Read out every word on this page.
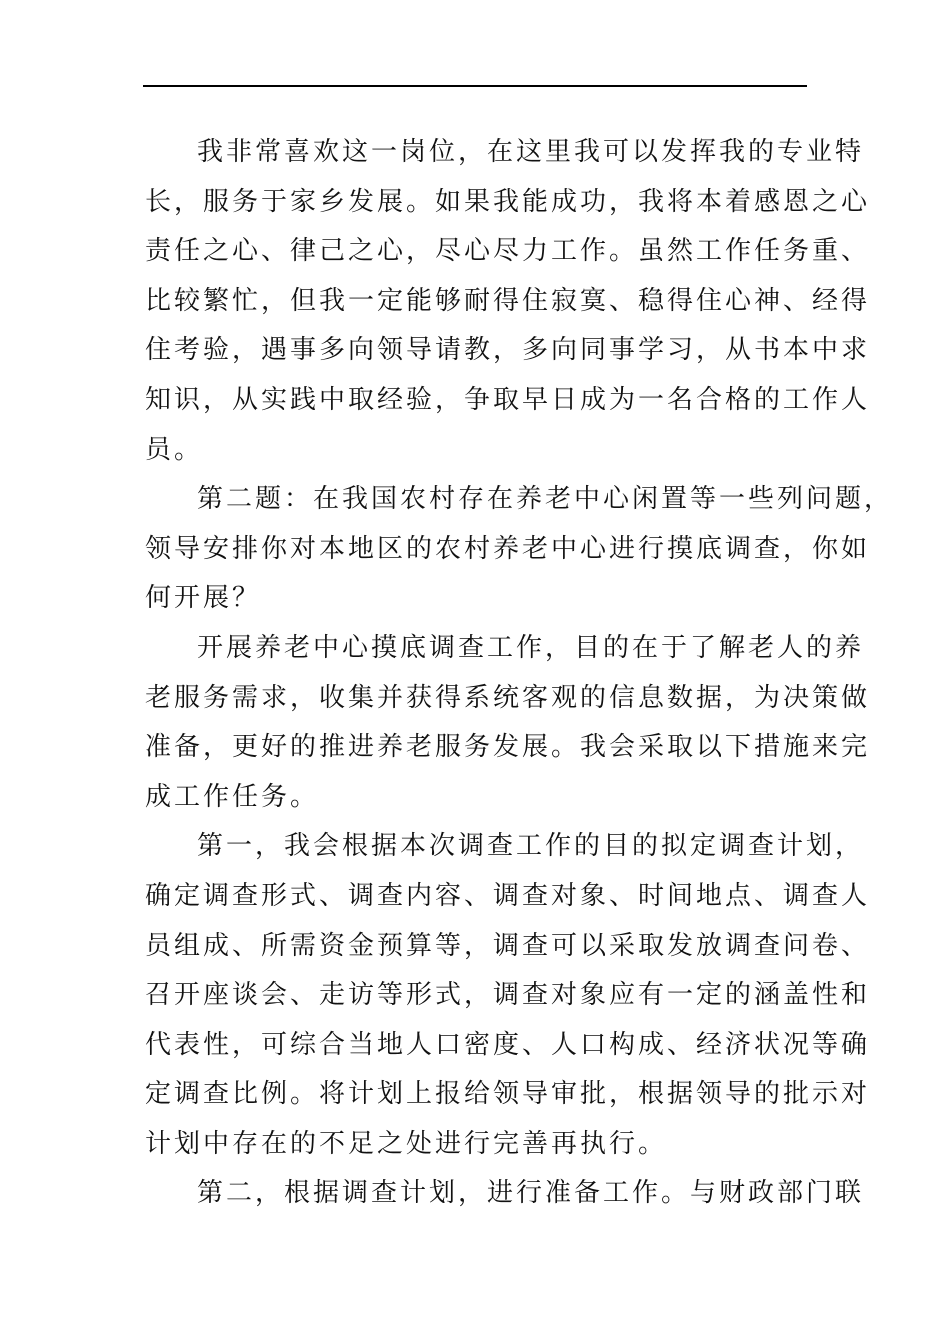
我非常喜欢这一岗位，在这里我可以发挥我的专业特
长，服务于家乡发展。如果我能成功，我将本着感恩之心
责任之心、律己之心，尽心尽力工作。虽然工作任务重、
比较繁忙，但我一定能够耐得住寂寞、稳得住心神、经得
住考验，遇事多向领导请教，多向同事学习，从书本中求
知识，从实践中取经验，争取早日成为一名合格的工作人
员。
第二题：在我国农村存在养老中心闲置等一些列问题，
领导安排你对本地区的农村养老中心进行摸底调查，你如
何开展？
开展养老中心摸底调查工作，目的在于了解老人的养
老服务需求，收集并获得系统客观的信息数据，为决策做
准备，更好的推进养老服务发展。我会采取以下措施来完
成工作任务。
第一，我会根据本次调查工作的目的拟定调查计划，
确定调查形式、调查内容、调查对象、时间地点、调查人
员组成、所需资金预算等，调查可以采取发放调查问卷、
召开座谈会、走访等形式，调查对象应有一定的涵盖性和
代表性，可综合当地人口密度、人口构成、经济状况等确
定调查比例。将计划上报给领导审批，根据领导的批示对
计划中存在的不足之处进行完善再执行。
第二，根据调查计划，进行准备工作。与财政部门联
